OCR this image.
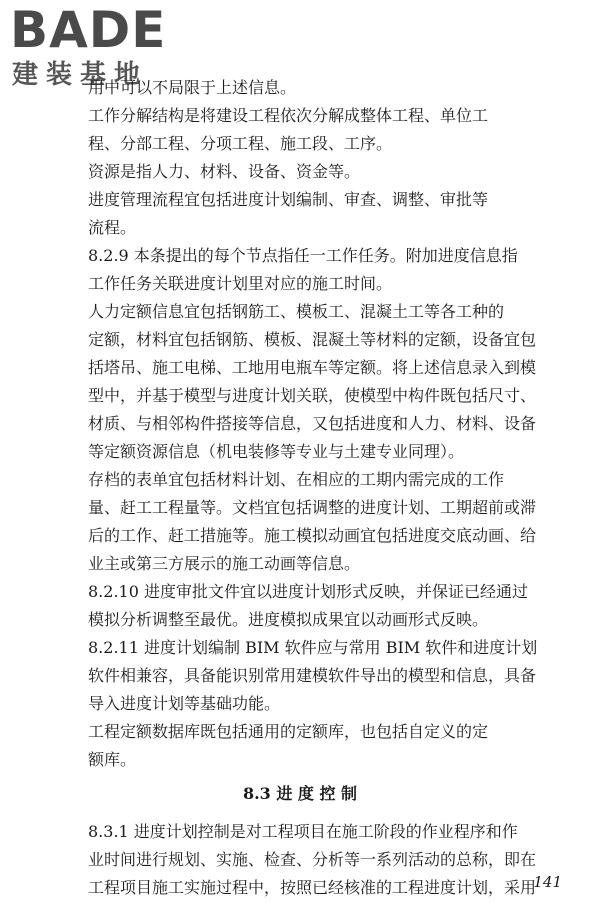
BADE
建装基地
用中可以不局限于上述信息。
工作分解结构是将建设工程依次分解成整体工程、单位工
程、分部工程、分项工程、施工段、工序。
资源是指人力、材料、设备、资金等。
进度管理流程宜包括进度计划编制、审查、调整、审批等
流程。
8.2.9 本条提出的每个节点指任一工作任务。附加进度信息指
工作任务关联进度计划里对应的施工时间。
人力定额信息宜包括钢筋工、模板工、混凝土工等各工种的
定额，材料宜包括钢筋、模板、混凝土等材料的定额，设备宜包
括塔吊、施工电梯、工地用电瓶车等定额。将上述信息录入到模
型中，并基于模型与进度计划关联，使模型中构件既包括尺寸、
材质、与相邻构件搭接等信息，又包括进度和人力、材料、设备
等定额资源信息（机电装修等专业与土建专业同理）。
存档的表单宜包括材料计划、在相应的工期内需完成的工作
量、赶工工程量等。文档宜包括调整的进度计划、工期超前或滞
后的工作、赶工措施等。施工模拟动画宜包括进度交底动画、给
业主或第三方展示的施工动画等信息。
8.2.10 进度审批文件宜以进度计划形式反映，并保证已经通过
模拟分析调整至最优。进度模拟成果宜以动画形式反映。
8.2.11 进度计划编制 BIM 软件应与常用 BIM 软件和进度计划
软件相兼容，具备能识别常用建模软件导出的模型和信息，具备
导入进度计划等基础功能。
工程定额数据库既包括通用的定额库，也包括自定义的定
额库。
8.3 进 度 控 制
8.3.1 进度计划控制是对工程项目在施工阶段的作业程序和作
业时间进行规划、实施、检查、分析等一系列活动的总称，即在
工程项目施工实施过程中，按照已经核准的工程进度计划，采用
141
